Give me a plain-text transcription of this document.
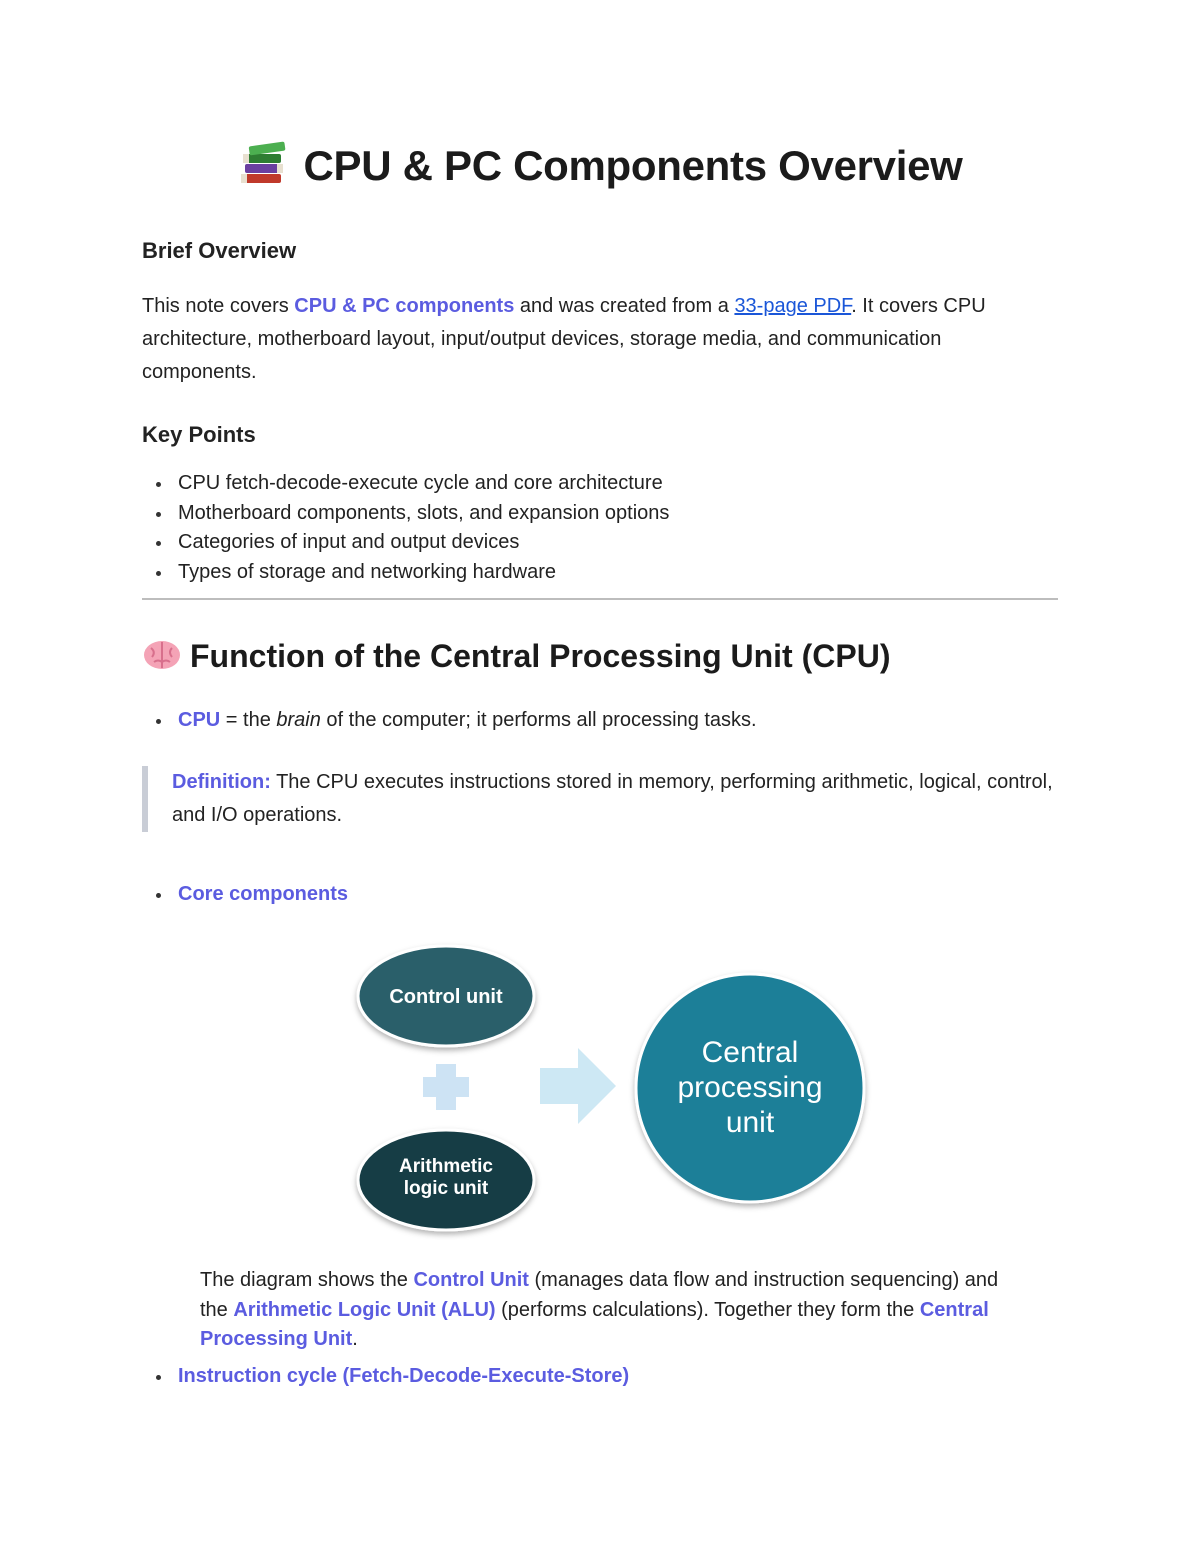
CPU & PC Components Overview
Brief Overview

This note covers CPU & PC components and was created from a 33-page PDF. It covers CPU architecture, motherboard layout, input/output devices, storage media, and communication components.

Key Points
CPU fetch-decode-execute cycle and core architecture
Motherboard components, slots, and expansion options
Categories of input and output devices
Types of storage and networking hardware
Function of the Central Processing Unit (CPU)
CPU = the brain of the computer; it performs all processing tasks.
Definition: The CPU executes instructions stored in memory, performing arithmetic, logical, control, and I/O operations.
Core components
Control unit
Arithmetic
logic unit
Central
processing
unit

The diagram shows the Control Unit (manages data flow and instruction sequencing) and the Arithmetic Logic Unit (ALU) (performs calculations). Together they form the Central Processing Unit.

Instruction cycle (Fetch-Decode-Execute-Store)
